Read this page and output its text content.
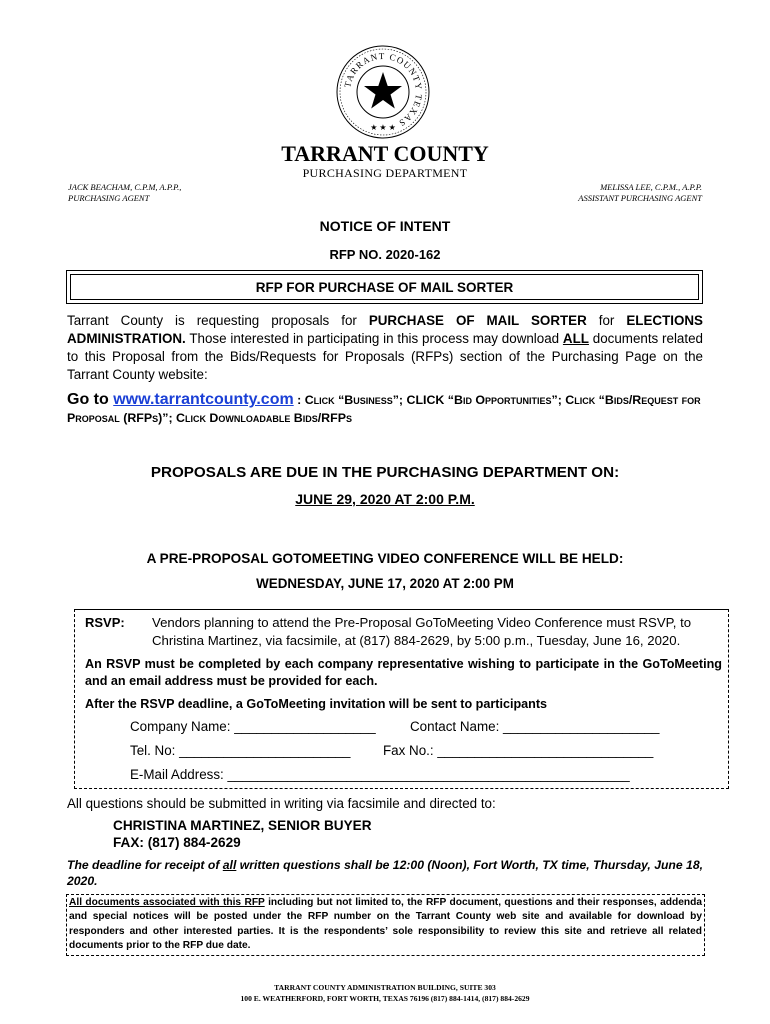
TARRANT COUNTY TEXAS
★ ★ ★
TARRANT COUNTY
PURCHASING DEPARTMENT
JACK BEACHAM, C.P.M, A.P.P.,
PURCHASING AGENT
MELISSA LEE, C.P.M., A.P.P.
ASSISTANT PURCHASING AGENT
NOTICE OF INTENT
RFP NO. 2020-162
RFP FOR PURCHASE OF MAIL SORTER
Tarrant County is requesting proposals for PURCHASE OF MAIL SORTER for ELECTIONS ADMINISTRATION. Those interested in participating in this process may download ALL documents related to this Proposal from the Bids/Requests for Proposals (RFPs) section of the Purchasing Page on the Tarrant County website:
Go to www.tarrantcounty.com : Click “Business”; CLICK “Bid Opportunities”; Click “Bids/Request for Proposal (RFPs)”; Click Downloadable Bids/RFPs
PROPOSALS ARE DUE IN THE PURCHASING DEPARTMENT ON:
JUNE 29, 2020 AT 2:00 P.M.
A PRE-PROPOSAL GOTOMEETING VIDEO CONFERENCE WILL BE HELD:
WEDNESDAY, JUNE 17, 2020 AT 2:00 PM
RSVP: Vendors planning to attend the Pre-Proposal GoToMeeting Video Conference must RSVP, to Christina Martinez, via facsimile, at (817) 884-2629, by 5:00 p.m., Tuesday, June 16, 2020.
An RSVP must be completed by each company representative wishing to participate in the GoToMeeting and an email address must be provided for each.
After the RSVP deadline, a GoToMeeting invitation will be sent to participants
Company Name: ___________________	Contact Name: _____________________
Tel. No: _______________________ Fax No.: _____________________________
E-Mail Address: ______________________________________________________
All questions should be submitted in writing via facsimile and directed to:
CHRISTINA MARTINEZ, SENIOR BUYER
FAX: (817) 884-2629
The deadline for receipt of all written questions shall be 12:00 (Noon), Fort Worth, TX time, Thursday, June 18, 2020.
All documents associated with this RFP including but not limited to, the RFP document, questions and their responses, addenda and special notices will be posted under the RFP number on the Tarrant County web site and available for download by responders and other interested parties. It is the respondents’ sole responsibility to review this site and retrieve all related documents prior to the RFP due date.
TARRANT COUNTY ADMINISTRATION BUILDING, SUITE 303
100 E. WEATHERFORD, FORT WORTH, TEXAS 76196 (817) 884-1414, (817) 884-2629
